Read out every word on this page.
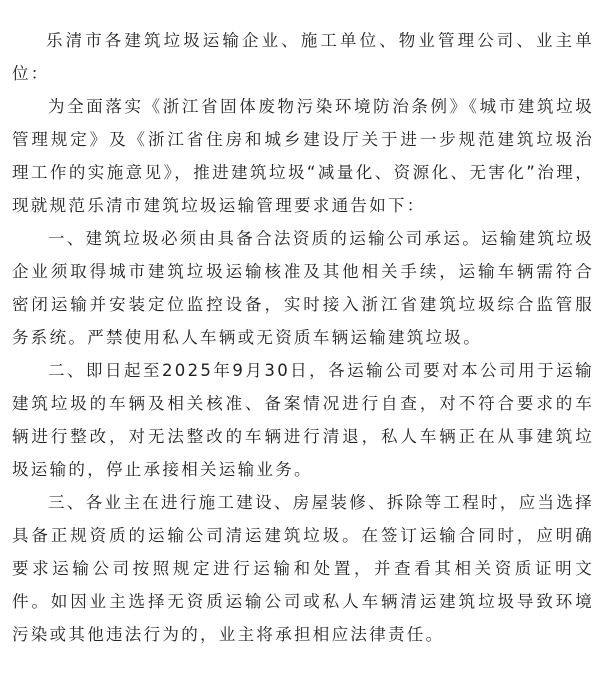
乐清市各建筑垃圾运输企业、施工单位、物业管理公司、业主单位：

为全面落实《浙江省固体废物污染环境防治条例》《城市建筑垃圾管理规定》及《浙江省住房和城乡建设厅关于进一步规范建筑垃圾治理工作的实施意见》，推进建筑垃圾“减量化、资源化、无害化”治理，现就规范乐清市建筑垃圾运输管理要求通告如下：

一、建筑垃圾必须由具备合法资质的运输公司承运。运输建筑垃圾企业须取得城市建筑垃圾运输核准及其他相关手续，运输车辆需符合密闭运输并安装定位监控设备，实时接入浙江省建筑垃圾综合监管服务系统。严禁使用私人车辆或无资质车辆运输建筑垃圾。

二、即日起至2025年9月30日，各运输公司要对本公司用于运输建筑垃圾的车辆及相关核准、备案情况进行自查，对不符合要求的车辆进行整改，对无法整改的车辆进行清退，私人车辆正在从事建筑垃圾运输的，停止承接相关运输业务。

三、各业主在进行施工建设、房屋装修、拆除等工程时，应当选择具备正规资质的运输公司清运建筑垃圾。在签订运输合同时，应明确要求运输公司按照规定进行运输和处置，并查看其相关资质证明文件。如因业主选择无资质运输公司或私人车辆清运建筑垃圾导致环境污染或其他违法行为的，业主将承担相应法律责任。
